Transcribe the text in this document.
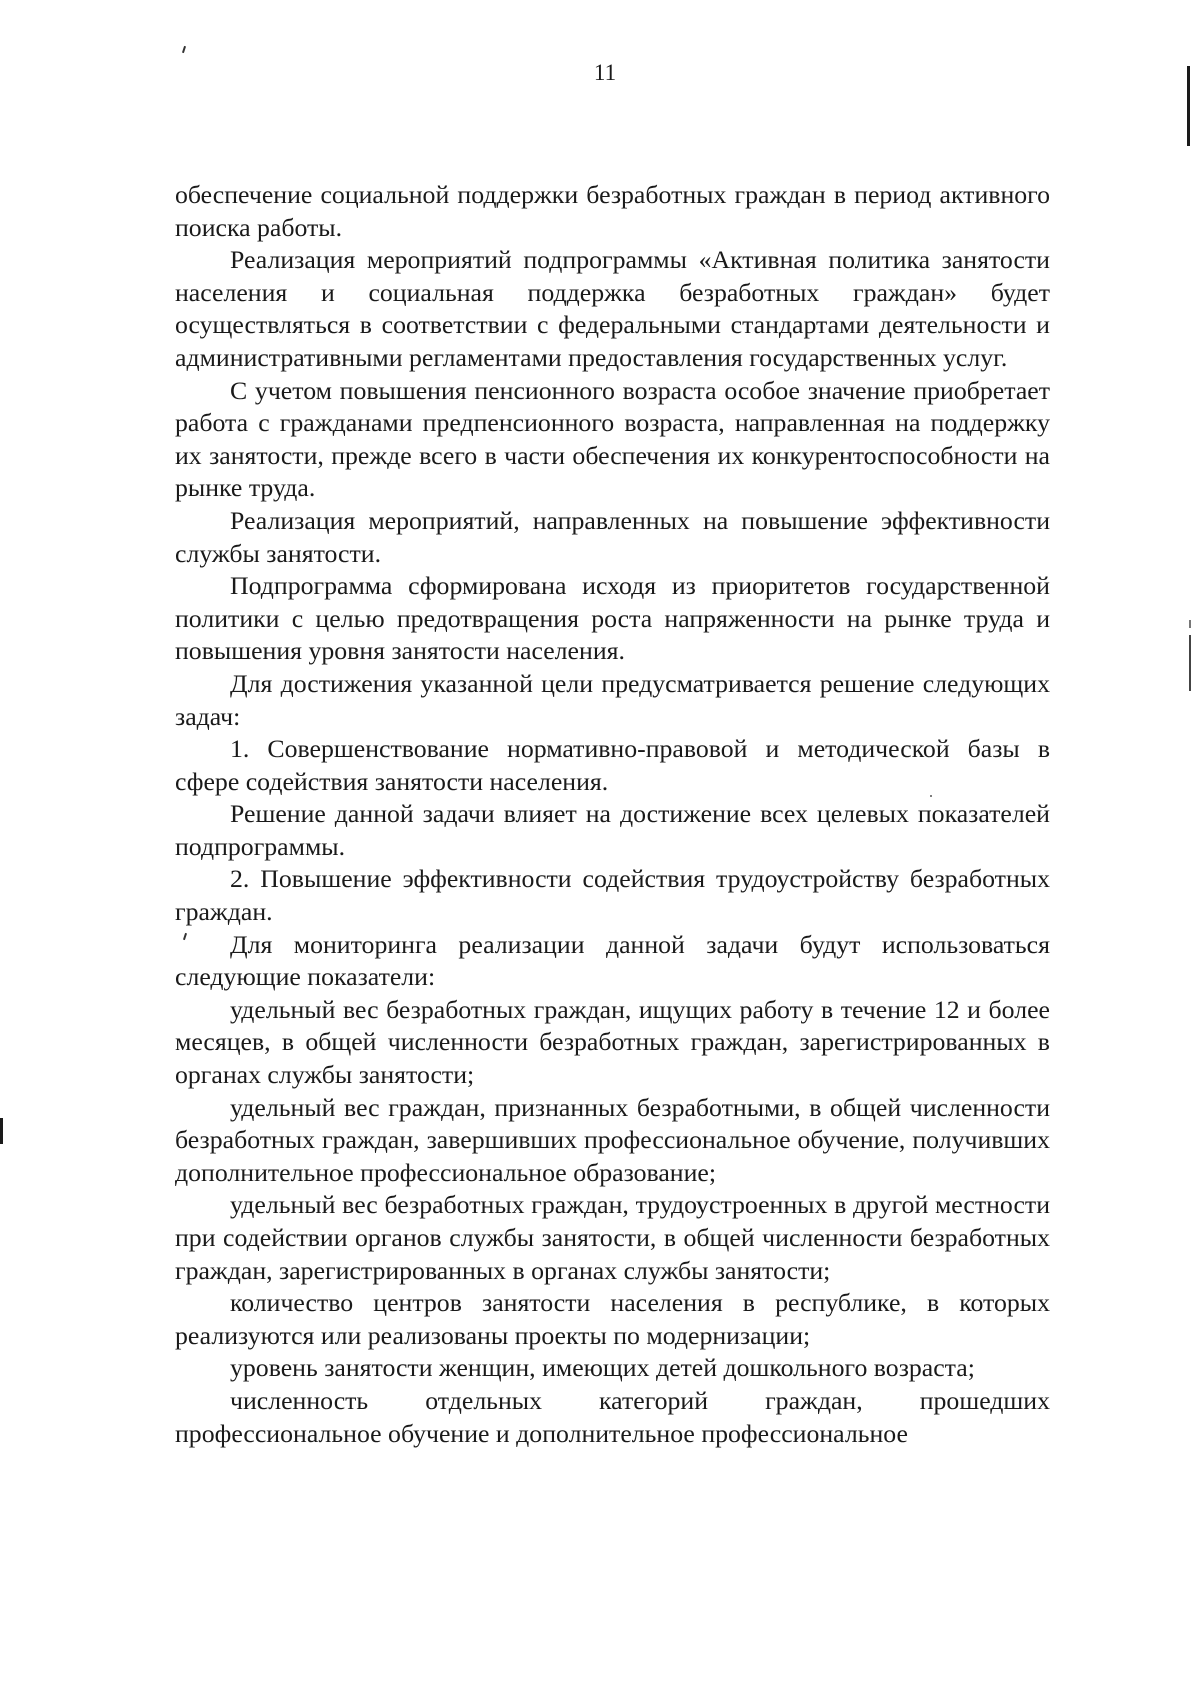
11

обеспечение социальной поддержки безработных граждан в период активного поиска работы.

Реализация мероприятий подпрограммы «Активная политика занятости населения и социальная поддержка безработных граждан» будет осуществляться в соответствии с федеральными стандартами деятельности и административными регламентами предоставления государственных услуг.

С учетом повышения пенсионного возраста особое значение приобретает работа с гражданами предпенсионного возраста, направленная на поддержку их занятости, прежде всего в части обеспечения их конкурентоспособности на рынке труда.

Реализация мероприятий, направленных на повышение эффективности службы занятости.

Подпрограмма сформирована исходя из приоритетов государственной политики с целью предотвращения роста напряженности на рынке труда и повышения уровня занятости населения.

Для достижения указанной цели предусматривается решение следующих задач:

1. Совершенствование нормативно-правовой и методической базы в сфере содействия занятости населения.

Решение данной задачи влияет на достижение всех целевых показателей подпрограммы.

2. Повышение эффективности содействия трудоустройству безработных граждан.

Для мониторинга реализации данной задачи будут использоваться следующие показатели:

удельный вес безработных граждан, ищущих работу в течение 12 и более месяцев, в общей численности безработных граждан, зарегистрированных в органах службы занятости;

удельный вес граждан, признанных безработными, в общей численности безработных граждан, завершивших профессиональное обучение, получивших дополнительное профессиональное образование;

удельный вес безработных граждан, трудоустроенных в другой местности при содействии органов службы занятости, в общей численности безработных граждан, зарегистрированных в органах службы занятости;

количество центров занятости населения в республике, в которых реализуются или реализованы проекты по модернизации;

уровень занятости женщин, имеющих детей дошкольного возраста;

численность отдельных категорий граждан, прошедших профессиональное обучение и дополнительное профессиональное
